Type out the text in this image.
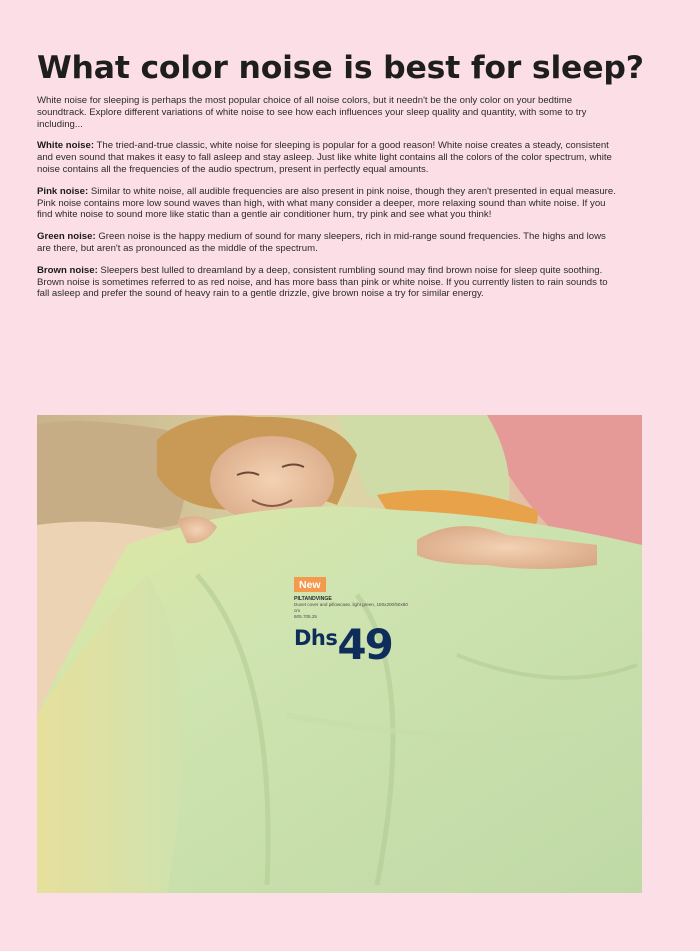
What color noise is best for sleep?

White noise for sleeping is perhaps the most popular choice of all noise colors, but it needn't be the only color on your bedtime soundtrack. Explore different variations of white noise to see how each influences your sleep quality and quantity, with some to try including...

White noise: The tried-and-true classic, white noise for sleeping is popular for a good reason! White noise creates a steady, consistent and even sound that makes it easy to fall asleep and stay asleep. Just like white light contains all the colors of the color spectrum, white noise contains all the frequencies of the audio spectrum, present in perfectly equal amounts.

Pink noise: Similar to white noise, all audible frequencies are also present in pink noise, though they aren't presented in equal measure. Pink noise contains more low sound waves than high, with what many consider a deeper, more relaxing sound than white noise. If you find white noise to sound more like static than a gentle air conditioner hum, try pink and see what you think!

Green noise: Green noise is the happy medium of sound for many sleepers, rich in mid-range sound frequencies. The highs and lows are there, but aren't as pronounced as the middle of the spectrum.

Brown noise: Sleepers best lulled to dreamland by a deep, consistent rumbling sound may find brown noise for sleep quite soothing. Brown noise is sometimes referred to as red noise, and has more bass than pink or white noise. If you currently listen to rain sounds to fall asleep and prefer the sound of heavy rain to a gentle drizzle, give brown noise a try for similar energy.

New
PILTANDVINGE
Duvet cover and pillowcase, light green, 150x200/50x80 cm
605.705.25
Dhs49
